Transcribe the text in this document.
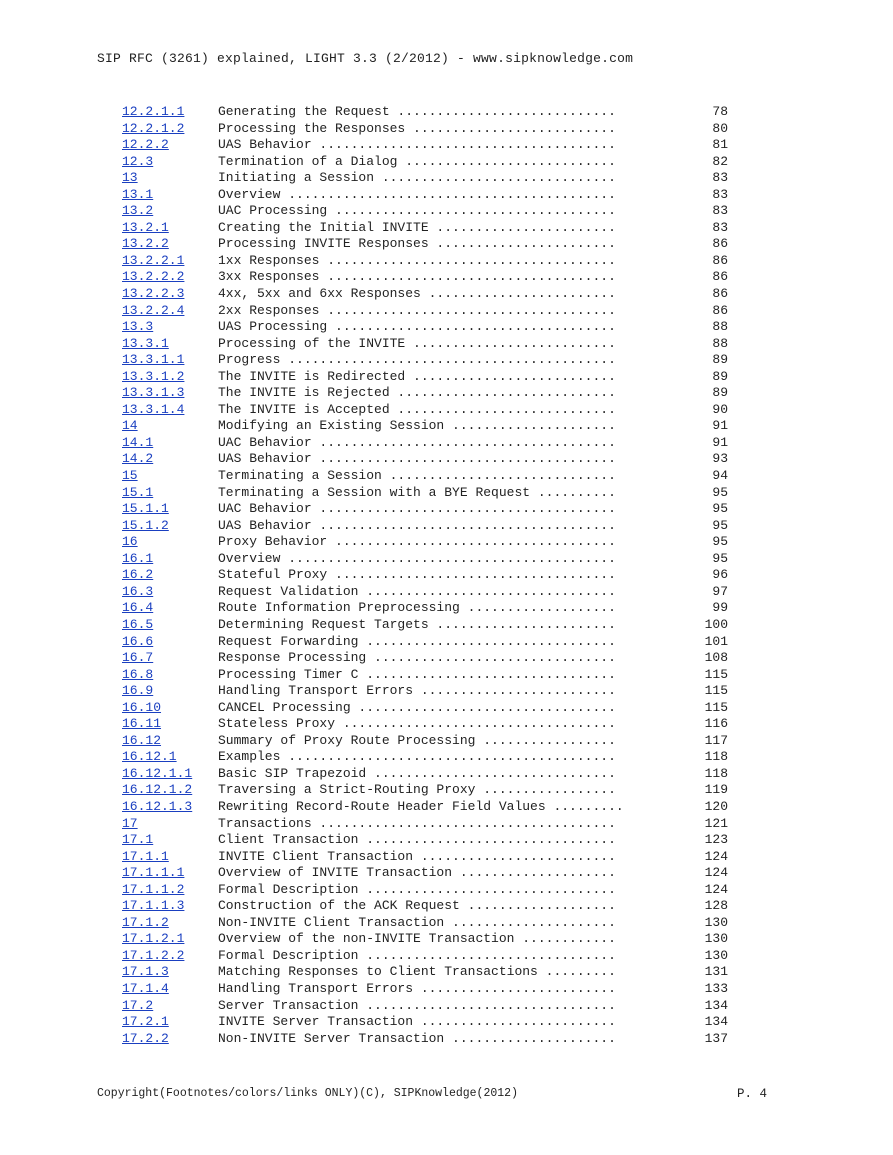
SIP RFC (3261) explained, LIGHT 3.3 (2/2012) - www.sipknowledge.com
12.2.1.1	Generating the Request ............................	78
12.2.1.2	Processing the Responses ..........................	80
12.2.2	UAS Behavior ......................................	81
12.3	Termination of a Dialog ...........................	82
13	Initiating a Session ..............................	83
13.1	Overview ..........................................	83
13.2	UAC Processing ....................................	83
13.2.1	Creating the Initial INVITE .......................	83
13.2.2	Processing INVITE Responses .......................	86
13.2.2.1	1xx Responses .....................................	86
13.2.2.2	3xx Responses .....................................	86
13.2.2.3	4xx, 5xx and 6xx Responses ........................	86
13.2.2.4	2xx Responses .....................................	86
13.3	UAS Processing ....................................	88
13.3.1	Processing of the INVITE ..........................	88
13.3.1.1	Progress ..........................................	89
13.3.1.2	The INVITE is Redirected ..........................	89
13.3.1.3	The INVITE is Rejected ............................	89
13.3.1.4	The INVITE is Accepted ............................	90
14	Modifying an Existing Session .....................	91
14.1	UAC Behavior ......................................	91
14.2	UAS Behavior ......................................	93
15	Terminating a Session .............................	94
15.1	Terminating a Session with a BYE Request ..........	95
15.1.1	UAC Behavior ......................................	95
15.1.2	UAS Behavior ......................................	95
16	Proxy Behavior ....................................	95
16.1	Overview ..........................................	95
16.2	Stateful Proxy ....................................	96
16.3	Request Validation ................................	97
16.4	Route Information Preprocessing ...................	99
16.5	Determining Request Targets .......................	100
16.6	Request Forwarding ................................	101
16.7	Response Processing ...............................	108
16.8	Processing Timer C ................................	115
16.9	Handling Transport Errors .........................	115
16.10	CANCEL Processing .................................	115
16.11	Stateless Proxy ...................................	116
16.12	Summary of Proxy Route Processing .................	117
16.12.1	Examples ..........................................	118
16.12.1.1 Basic SIP Trapezoid ...............................	118
16.12.1.2 Traversing a Strict-Routing Proxy .................	119
16.12.1.3 Rewriting Record-Route Header Field Values .........	120
17	Transactions ......................................	121
17.1	Client Transaction ................................	123
17.1.1	INVITE Client Transaction .........................	124
17.1.1.1	Overview of INVITE Transaction ....................	124
17.1.1.2	Formal Description ................................	124
17.1.1.3	Construction of the ACK Request ...................	128
17.1.2	Non-INVITE Client Transaction .....................	130
17.1.2.1	Overview of the non-INVITE Transaction ............	130
17.1.2.2	Formal Description ................................	130
17.1.3	Matching Responses to Client Transactions .........	131
17.1.4	Handling Transport Errors .........................	133
17.2	Server Transaction ................................	134
17.2.1	INVITE Server Transaction .........................	134
17.2.2	Non-INVITE Server Transaction .....................	137
Copyright(Footnotes/colors/links ONLY)(C), SIPKnowledge(2012)	P. 4
